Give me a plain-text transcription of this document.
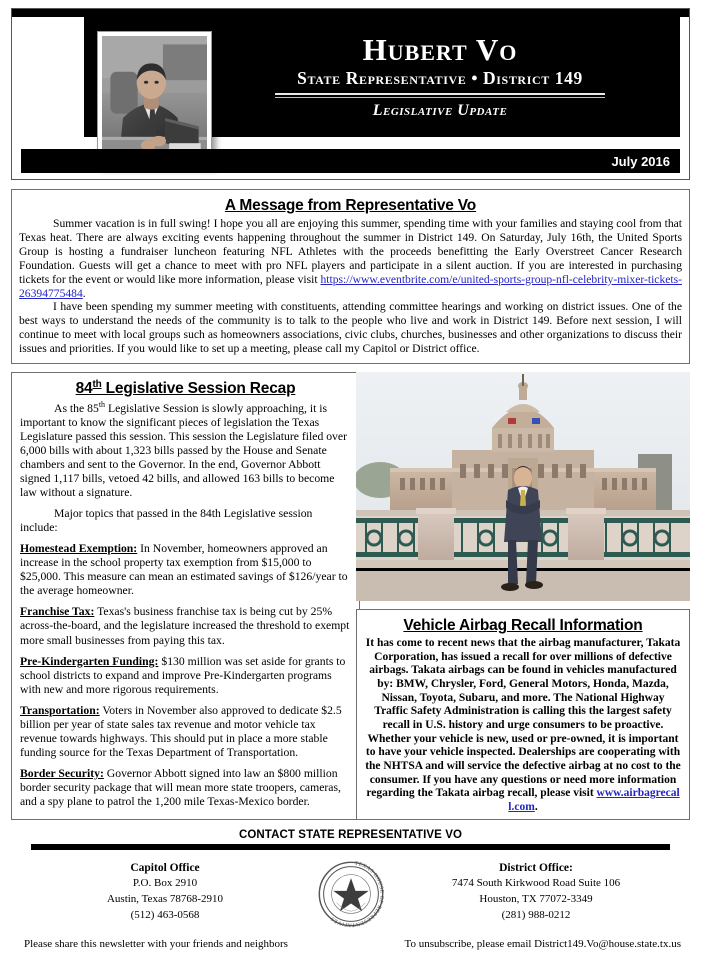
Hubert Vo
State Representative • District 149
Legislative Update
July 2016
A Message from Representative Vo

Summer vacation is in full swing! I hope you all are enjoying this summer, spending time with your families and staying cool from that Texas heat. There are always exciting events happening throughout the summer in District 149. On Saturday, July 16th, the United Sports Group is hosting a fundraiser luncheon featuring NFL Athletes with the proceeds benefitting the Early Overstreet Cancer Research Foundation. Guests will get a chance to meet with pro NFL players and participate in a silent auction. If you are interested in purchasing tickets for the event or would like more information, please visit https://www.eventbrite.com/e/united-sports-group-nfl-celebrity-mixer-tickets-26394775484.

I have been spending my summer meeting with constituents, attending committee hearings and working on district issues. One of the best ways to understand the needs of the community is to talk to the people who live and work in District 149. Before next session, I will continue to meet with local groups such as homeowners associations, civic clubs, churches, businesses and other organizations to discuss their issues and priorities. If you would like to set up a meeting, please call my Capitol or District office.

84th Legislative Session Recap

As the 85th Legislative Session is slowly approaching, it is important to know the significant pieces of legislation the Texas Legislature passed this session. This session the Legislature filed over 6,000 bills with about 1,323 bills passed by the House and Senate chambers and sent to the Governor. In the end, Governor Abbott signed 1,117 bills, vetoed 42 bills, and allowed 163 bills to become law without a signature.

Major topics that passed in the 84th Legislative session include:

Homestead Exemption: In November, homeowners approved an increase in the school property tax exemption from $15,000 to $25,000. This measure can mean an estimated savings of $126/year to the average homeowner.

Franchise Tax: Texas's business franchise tax is being cut by 25% across-the-board, and the legislature increased the threshold to exempt more small businesses from paying this tax.

Pre-Kindergarten Funding: $130 million was set aside for grants to school districts to expand and improve Pre-Kindergarten programs with new and more rigorous requirements.

Transportation: Voters in November also approved to dedicate $2.5 billion per year of state sales tax revenue and motor vehicle tax revenue towards highways. This should put in place a more stable funding source for the Texas Department of Transportation.

Border Security: Governor Abbott signed into law an $800 million border security package that will mean more state troopers, cameras, and a spy plane to patrol the 1,200 mile Texas-Mexico border.

Vehicle Airbag Recall Information

It has come to recent news that the airbag manufacturer, Takata Corporation, has issued a recall for over millions of defective airbags. Takata airbags can be found in vehicles manufactured by: BMW, Chrysler, Ford, General Motors, Honda, Mazda, Nissan, Toyota, Subaru, and more. The National Highway Traffic Safety Administration is calling this the largest safety recall in U.S. history and urge consumers to be proactive. Whether your vehicle is new, used or pre-owned, it is important to have your vehicle inspected. Dealerships are cooperating with the NHTSA and will service the defective airbag at no cost to the consumer. If you have any questions or need more information regarding the Takata airbag recall, please visit www.airbagrecall.com.

CONTACT STATE REPRESENTATIVE VO
Capitol Office
P.O. Box 2910
Austin, Texas 78768-2910
(512) 463-0568
TEXAS HOUSE OF REPRESENTATIVES
District Office:
7474 South Kirkwood Road Suite 106
Houston, TX 77072-3349
(281) 988-0212
Please share this newsletter with your friends and neighbors	To unsubscribe, please email District149.Vo@house.state.tx.us
